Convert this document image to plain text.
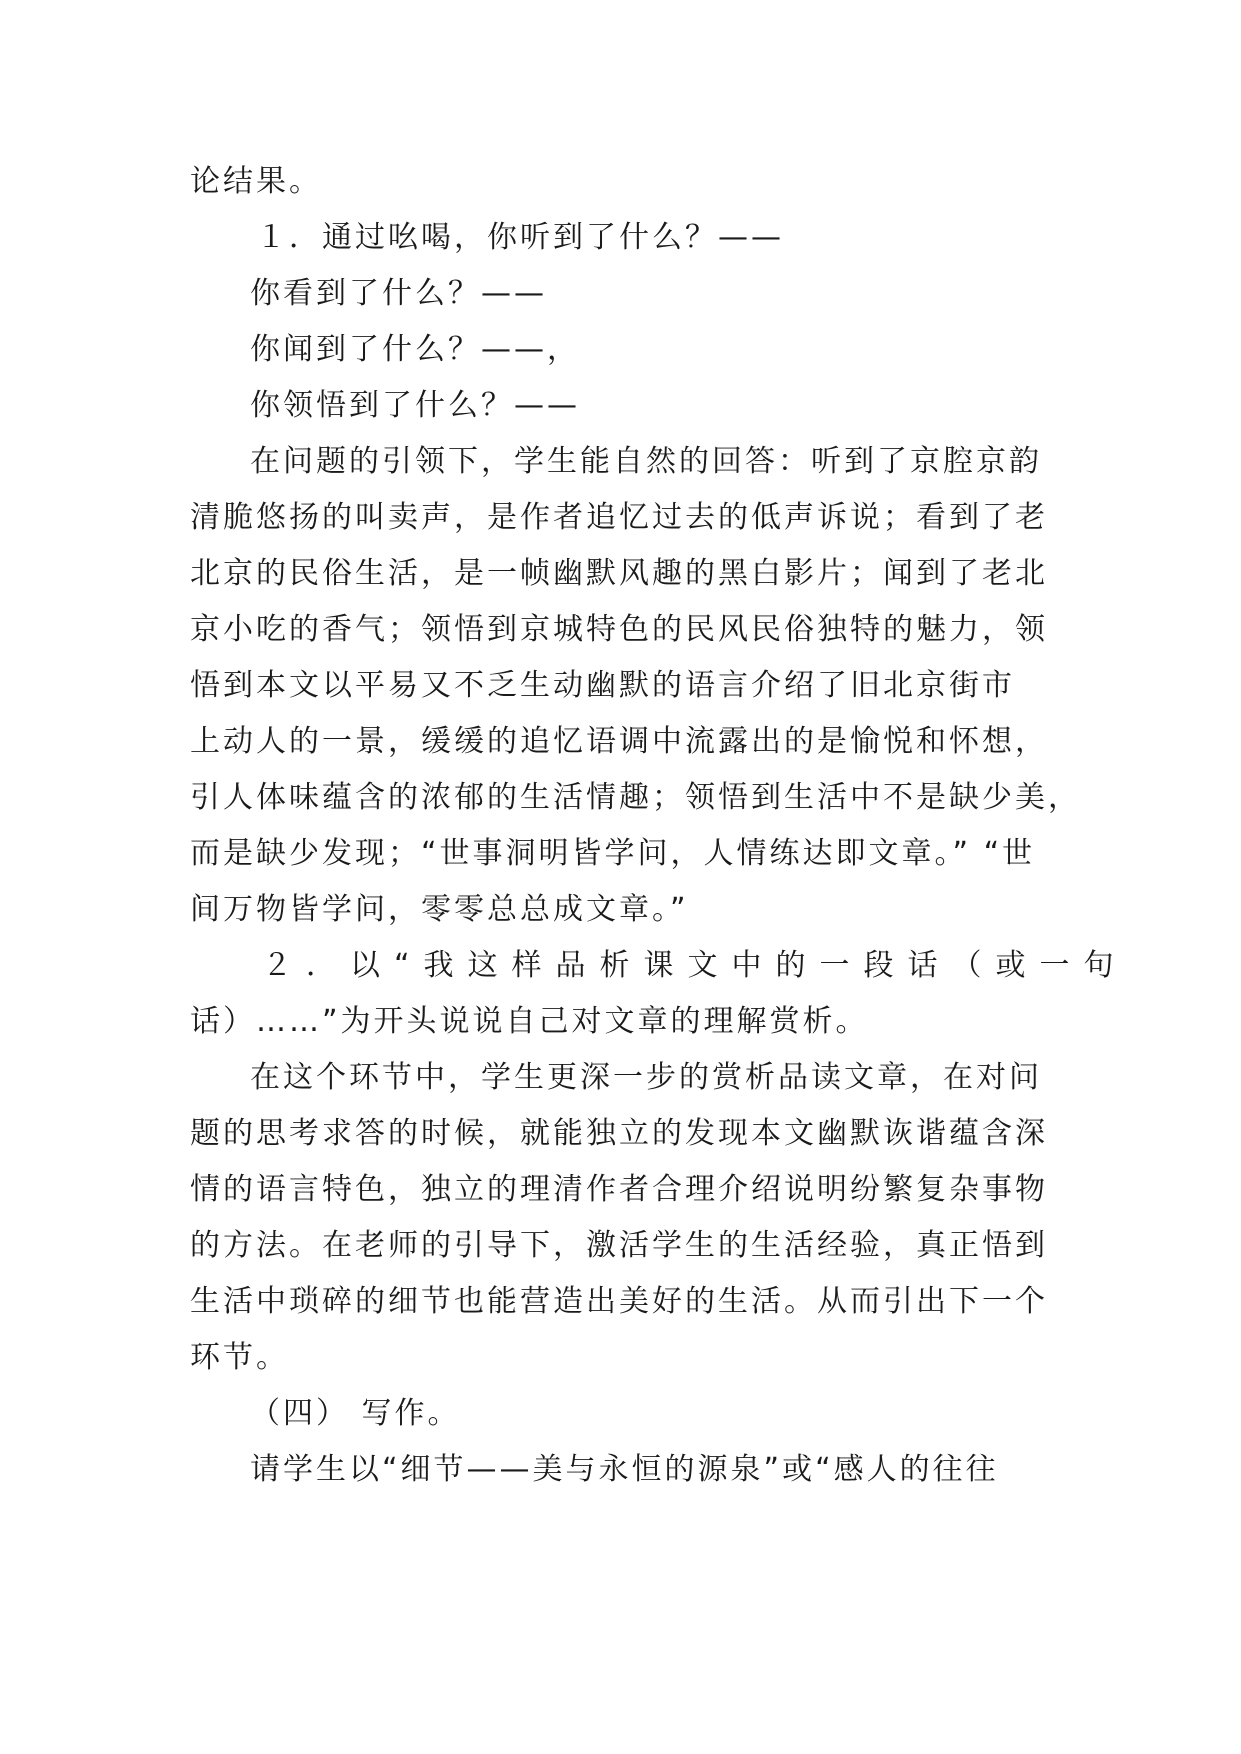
论结果。
１．通过吆喝，你听到了什么？——
你看到了什么？——
你闻到了什么？——，
你领悟到了什么？——
在问题的引领下，学生能自然的回答：听到了京腔京韵
清脆悠扬的叫卖声，是作者追忆过去的低声诉说；看到了老
北京的民俗生活，是一帧幽默风趣的黑白影片；闻到了老北
京小吃的香气；领悟到京城特色的民风民俗独特的魅力，领
悟到本文以平易又不乏生动幽默的语言介绍了旧北京街市
上动人的一景，缓缓的追忆语调中流露出的是愉悦和怀想，
引人体味蕴含的浓郁的生活情趣；领悟到生活中不是缺少美，
而是缺少发现；“世事洞明皆学问，人情练达即文章。” “世
间万物皆学问，零零总总成文章。”
２．以“我这样品析课文中的一段话（或一句
话）……”为开头说说自己对文章的理解赏析。
在这个环节中，学生更深一步的赏析品读文章，在对问
题的思考求答的时候，就能独立的发现本文幽默诙谐蕴含深
情的语言特色，独立的理清作者合理介绍说明纷繁复杂事物
的方法。在老师的引导下，激活学生的生活经验，真正悟到
生活中琐碎的细节也能营造出美好的生活。从而引出下一个
环节。
（四） 写作。
请学生以“细节——美与永恒的源泉”或“感人的往往
